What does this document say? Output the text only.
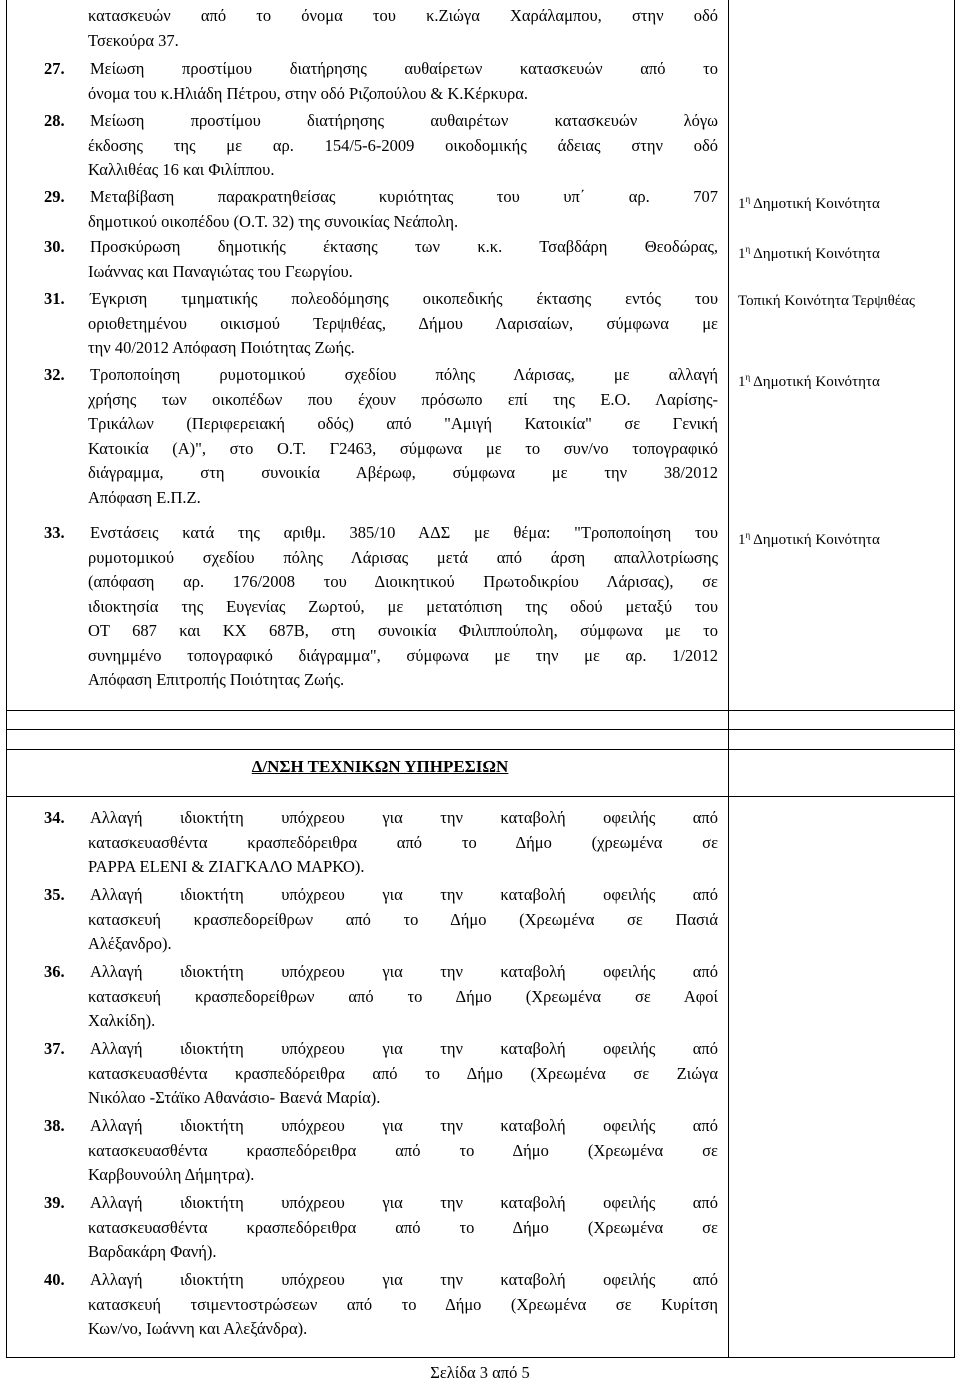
κατασκευών από το όνομα του κ.Ζιώγα Χαράλαμπου, στην οδό
Τσεκούρα 37.
27. Μείωση προστίμου διατήρησης αυθαίρετων κατασκευών από το
όνομα του κ.Ηλιάδη Πέτρου, στην οδό Ριζοπούλου & Κ.Κέρκυρα.
28. Μείωση προστίμου διατήρησης αυθαιρέτων κατασκευών λόγω
έκδοσης της με αρ. 154/5-6-2009 οικοδομικής άδειας στην οδό
Καλλιθέας 16 και Φιλίππου.
29. Μεταβίβαση παρακρατηθείσας κυριότητας του υπ΄ αρ. 707
δημοτικού οικοπέδου (Ο.Τ. 32) της συνοικίας Νεάπολη.
$1^\eta$ Δημοτική Κοινότητα
30. Προσκύρωση δημοτικής έκτασης των κ.κ. Τσαβδάρη Θεοδώρας,
Ιωάννας και Παναγιώτας του Γεωργίου.
$1^\eta$ Δημοτική Κοινότητα
31. Έγκριση τμηματικής πολεοδόμησης οικοπεδικής έκτασης εντός του
οριοθετημένου οικισμού Τερψιθέας, Δήμου Λαρισαίων, σύμφωνα με
την 40/2012 Απόφαση Ποιότητας Ζωής.
Τοπική Κοινότητα Τερψιθέας
32. Τροποποίηση ρυμοτομικού σχεδίου πόλης Λάρισας, με αλλαγή
χρήσης των οικοπέδων που έχουν πρόσωπο επί της Ε.Ο. Λαρίσης-
Τρικάλων (Περιφερειακή οδός) από "Αμιγή Κατοικία" σε Γενική
Κατοικία (Α)", στο Ο.Τ. Γ2463, σύμφωνα με το συν/νο τοπογραφικό
διάγραμμα, στη συνοικία Αβέρωφ, σύμφωνα με την 38/2012
Απόφαση Ε.Π.Ζ.
$1^\eta$ Δημοτική Κοινότητα
33. Ενστάσεις κατά της αριθμ. 385/10 ΑΔΣ με θέμα: "Τροποποίηση του
ρυμοτομικού σχεδίου πόλης Λάρισας μετά από άρση απαλλοτρίωσης
(απόφαση αρ. 176/2008 του Διοικητικού Πρωτοδικρίου Λάρισας), σε
ιδιοκτησία της Ευγενίας Ζωρτού, με μετατόπιση της οδού μεταξύ του
ΟΤ 687 και ΚΧ 687Β, στη συνοικία Φιλιππούπολη, σύμφωνα με το
συνημμένο τοπογραφικό διάγραμμα", σύμφωνα με την με αρ. 1/2012
Απόφαση Επιτροπής Ποιότητας Ζωής.
$1^\eta$ Δημοτική Κοινότητα
34. Αλλαγή ιδιοκτήτη υπόχρεου για την καταβολή οφειλής από
κατασκευασθέντα κρασπεδόρειθρα από το Δήμο (χρεωμένα σε
PAPPA ELENI & ΖΙΑΓΚΑΛΟ ΜΑΡΚΟ).
35. Αλλαγή ιδιοκτήτη υπόχρεου για την καταβολή οφειλής από
κατασκευή κρασπεδορείθρων από το Δήμο (Χρεωμένα σε Πασιά
Αλέξανδρο).
36. Αλλαγή ιδιοκτήτη υπόχρεου για την καταβολή οφειλής από
κατασκευή κρασπεδορείθρων από το Δήμο (Χρεωμένα σε Αφοί
Χαλκίδη).
37. Αλλαγή ιδιοκτήτη υπόχρεου για την καταβολή οφειλής από
κατασκευασθέντα κρασπεδόρειθρα από το Δήμο (Χρεωμένα σε Ζιώγα
Νικόλαο -Στάϊκο Αθανάσιο- Βαενά Μαρία).
38. Αλλαγή ιδιοκτήτη υπόχρεου για την καταβολή οφειλής από
κατασκευασθέντα κρασπεδόρειθρα από το Δήμο (Χρεωμένα σε
Καρβουνούλη Δήμητρα).
39. Αλλαγή ιδιοκτήτη υπόχρεου για την καταβολή οφειλής από
κατασκευασθέντα κρασπεδόρειθρα από το Δήμο (Χρεωμένα σε
Βαρδακάρη Φανή).
40. Αλλαγή ιδιοκτήτη υπόχρεου για την καταβολή οφειλής από
κατασκευή τσιμεντοστρώσεων από το Δήμο (Χρεωμένα σε Κυρίτση
Κων/νο, Ιωάννη και Αλεξάνδρα).
Δ/ΝΣΗ ΤΕΧΝΙΚΩΝ ΥΠΗΡΕΣΙΩΝ
Σελίδα 3 από 5
